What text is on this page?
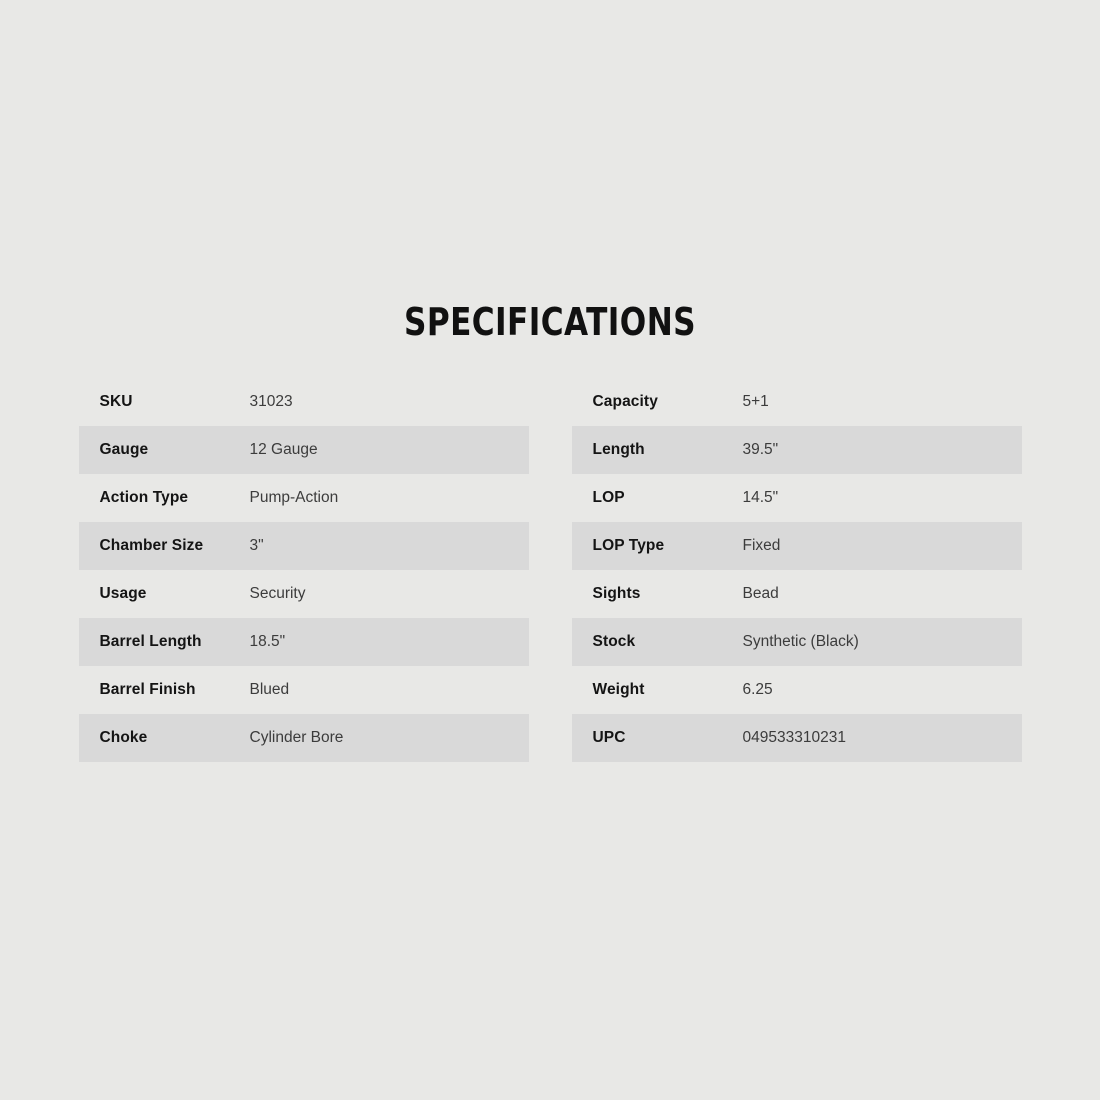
SPECIFICATIONS
SKU	31023
Gauge	12 Gauge
Action Type	Pump-Action
Chamber Size	3"
Usage	Security
Barrel Length	18.5"
Barrel Finish	Blued
Choke	Cylinder Bore
Capacity	5+1
Length	39.5"
LOP	14.5"
LOP Type	Fixed
Sights	Bead
Stock	Synthetic (Black)
Weight	6.25
UPC	049533310231
